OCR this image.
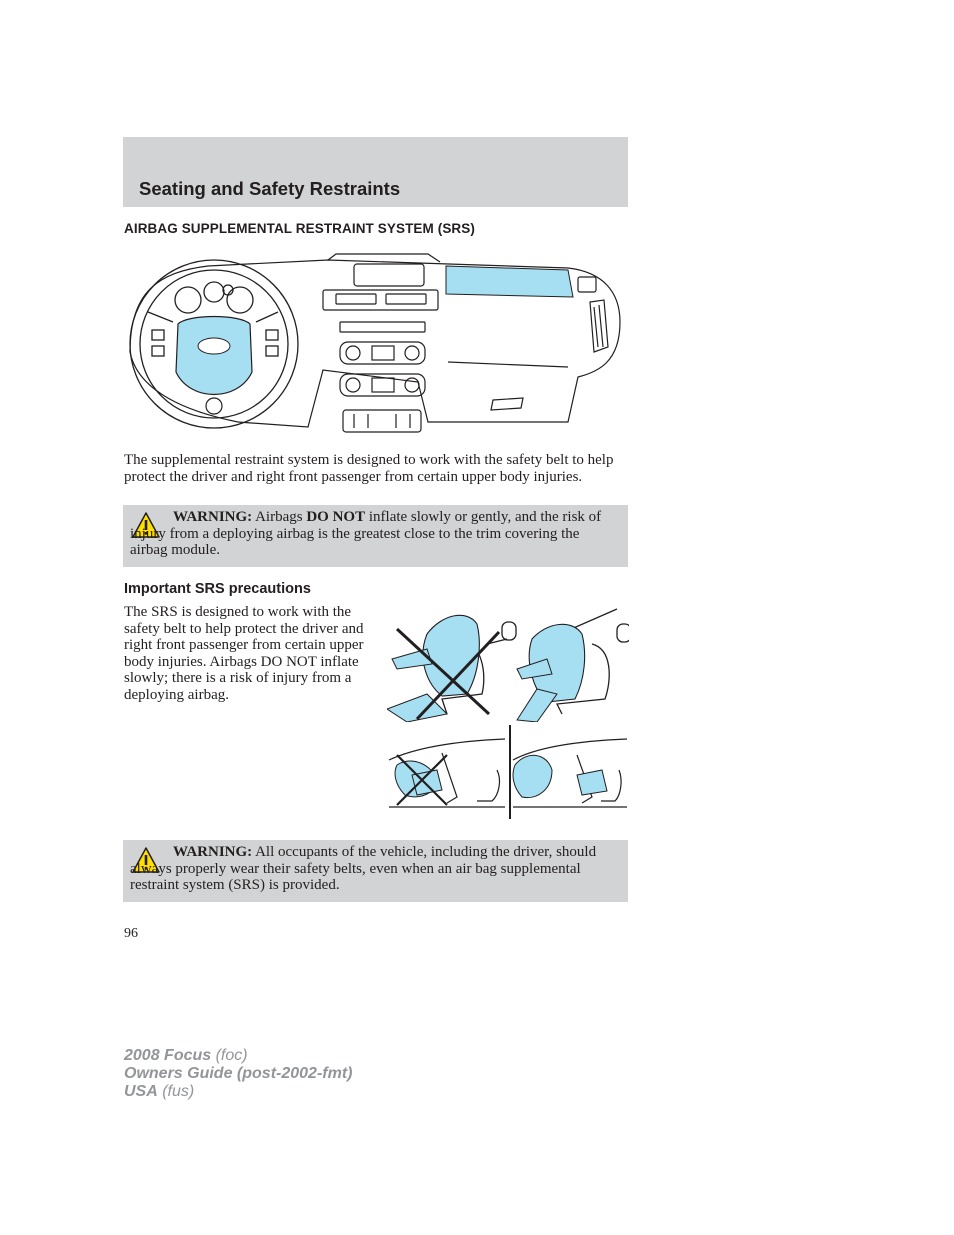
Seating and Safety Restraints
AIRBAG SUPPLEMENTAL RESTRAINT SYSTEM (SRS)

The supplemental restraint system is designed to work with the safety belt to help protect the driver and right front passenger from certain upper body injuries.

WARNING: Airbags DO NOT inflate slowly or gently, and the risk of injury from a deploying airbag is the greatest close to the trim covering the airbag module.

Important SRS precautions

The SRS is designed to work with the safety belt to help protect the driver and right front passenger from certain upper body injuries. Airbags DO NOT inflate slowly; there is a risk of injury from a deploying airbag.

WARNING: All occupants of the vehicle, including the driver, should always properly wear their safety belts, even when an air bag supplemental restraint system (SRS) is provided.

96

2008 Focus (foc)
Owners Guide (post-2002-fmt)
USA (fus)
